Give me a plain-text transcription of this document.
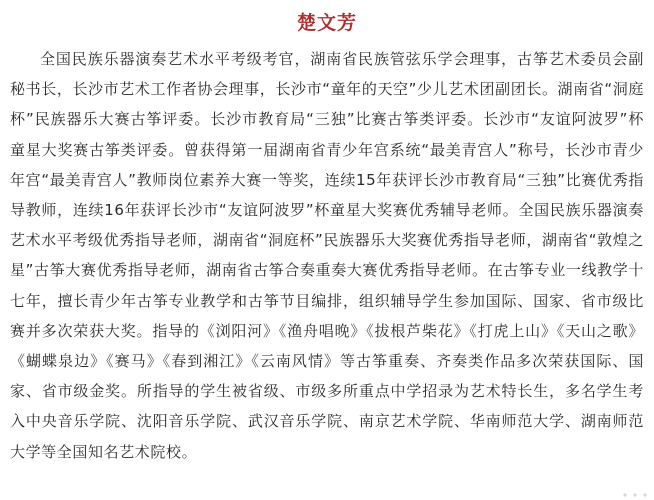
楚文芳

全国民族乐器演奏艺术水平考级考官，湖南省民族管弦乐学会理事，古筝艺术委员会副秘书长，长沙市艺术工作者协会理事，长沙市“童年的天空”少儿艺术团副团长。湖南省“洞庭杯”民族器乐大赛古筝评委。长沙市教育局“三独”比赛古筝类评委。长沙市“友谊阿波罗”杯童星大奖赛古筝类评委。曾获得第一届湖南省青少年宫系统“最美青宫人”称号，长沙市青少年宫“最美青宫人”教师岗位素养大赛一等奖，连续15年获评长沙市教育局“三独”比赛优秀指导教师，连续16年获评长沙市“友谊阿波罗”杯童星大奖赛优秀辅导老师。全国民族乐器演奏艺术水平考级优秀指导老师，湖南省“洞庭杯”民族器乐大奖赛优秀指导老师，湖南省“敦煌之星”古筝大赛优秀指导老师，湖南省古筝合奏重奏大赛优秀指导老师。在古筝专业一线教学十七年，擅长青少年古筝专业教学和古筝节目编排，组织辅导学生参加国际、国家、省市级比赛并多次荣获大奖。指导的《浏阳河》《渔舟唱晚》《拔根芦柴花》《打虎上山》《天山之歌》《蝴蝶泉边》《赛马》《春到湘江》《云南风情》等古筝重奏、齐奏类作品多次荣获国际、国家、省市级金奖。所指导的学生被省级、市级多所重点中学招录为艺术特长生，多名学生考入中央音乐学院、沈阳音乐学院、武汉音乐学院、南京艺术学院、华南师范大学、湖南师范大学等全国知名艺术院校。
